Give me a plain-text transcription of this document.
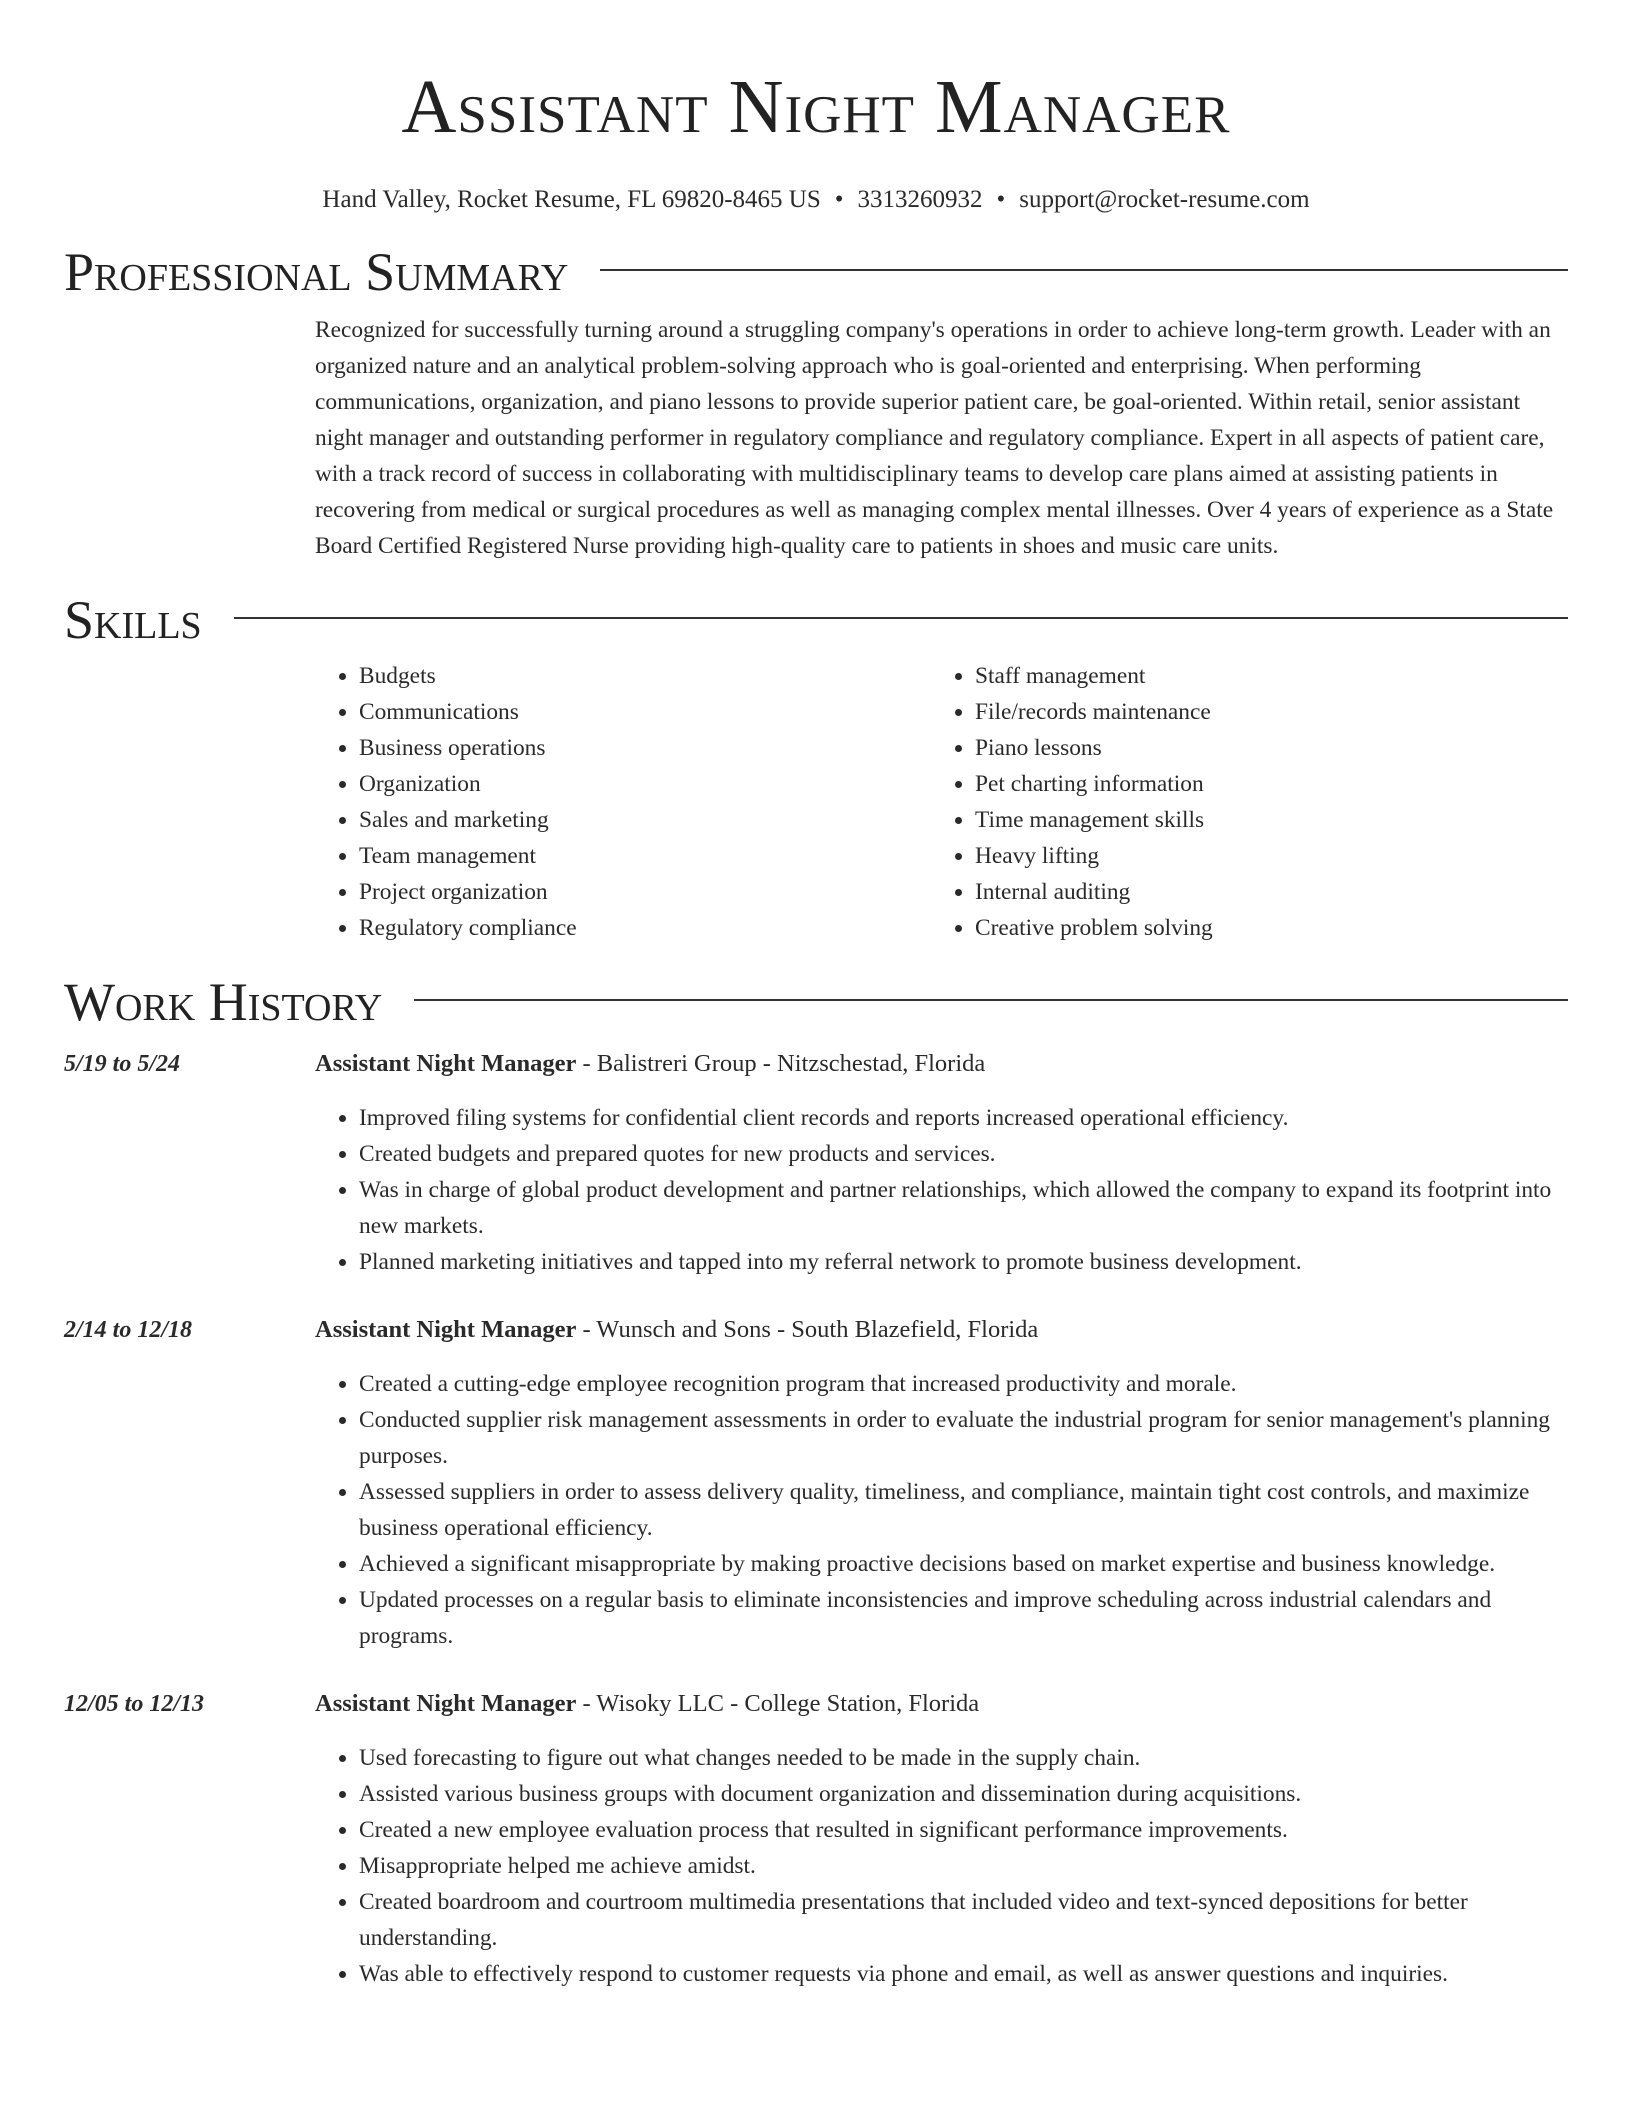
Assistant Night Manager
Hand Valley, Rocket Resume, FL 69820-8465 US • 3313260932 • support@rocket-resume.com
Professional Summary

Recognized for successfully turning around a struggling company's operations in order to achieve long-term growth. Leader with an organized nature and an analytical problem-solving approach who is goal-oriented and enterprising. When performing communications, organization, and piano lessons to provide superior patient care, be goal-oriented. Within retail, senior assistant night manager and outstanding performer in regulatory compliance and regulatory compliance. Expert in all aspects of patient care, with a track record of success in collaborating with multidisciplinary teams to develop care plans aimed at assisting patients in recovering from medical or surgical procedures as well as managing complex mental illnesses. Over 4 years of experience as a State Board Certified Registered Nurse providing high-quality care to patients in shoes and music care units.

Skills
• Budgets
• Communications
• Business operations
• Organization
• Sales and marketing
• Team management
• Project organization
• Regulatory compliance
• Staff management
• File/records maintenance
• Piano lessons
• Pet charting information
• Time management skills
• Heavy lifting
• Internal auditing
• Creative problem solving
Work History
5/19 to 5/24	Assistant Night Manager - Balistreri Group - Nitzschestad, Florida

• Improved filing systems for confidential client records and reports increased operational efficiency.
• Created budgets and prepared quotes for new products and services.
• Was in charge of global product development and partner relationships, which allowed the company to expand its footprint into new markets.
• Planned marketing initiatives and tapped into my referral network to promote business development.
2/14 to 12/18	Assistant Night Manager - Wunsch and Sons - South Blazefield, Florida

• Created a cutting-edge employee recognition program that increased productivity and morale.
• Conducted supplier risk management assessments in order to evaluate the industrial program for senior management's planning purposes.
• Assessed suppliers in order to assess delivery quality, timeliness, and compliance, maintain tight cost controls, and maximize business operational efficiency.
• Achieved a significant misappropriate by making proactive decisions based on market expertise and business knowledge.
• Updated processes on a regular basis to eliminate inconsistencies and improve scheduling across industrial calendars and programs.
12/05 to 12/13	Assistant Night Manager - Wisoky LLC - College Station, Florida

• Used forecasting to figure out what changes needed to be made in the supply chain.
• Assisted various business groups with document organization and dissemination during acquisitions.
• Created a new employee evaluation process that resulted in significant performance improvements.
• Misappropriate helped me achieve amidst.
• Created boardroom and courtroom multimedia presentations that included video and text-synced depositions for better understanding.
• Was able to effectively respond to customer requests via phone and email, as well as answer questions and inquiries.
